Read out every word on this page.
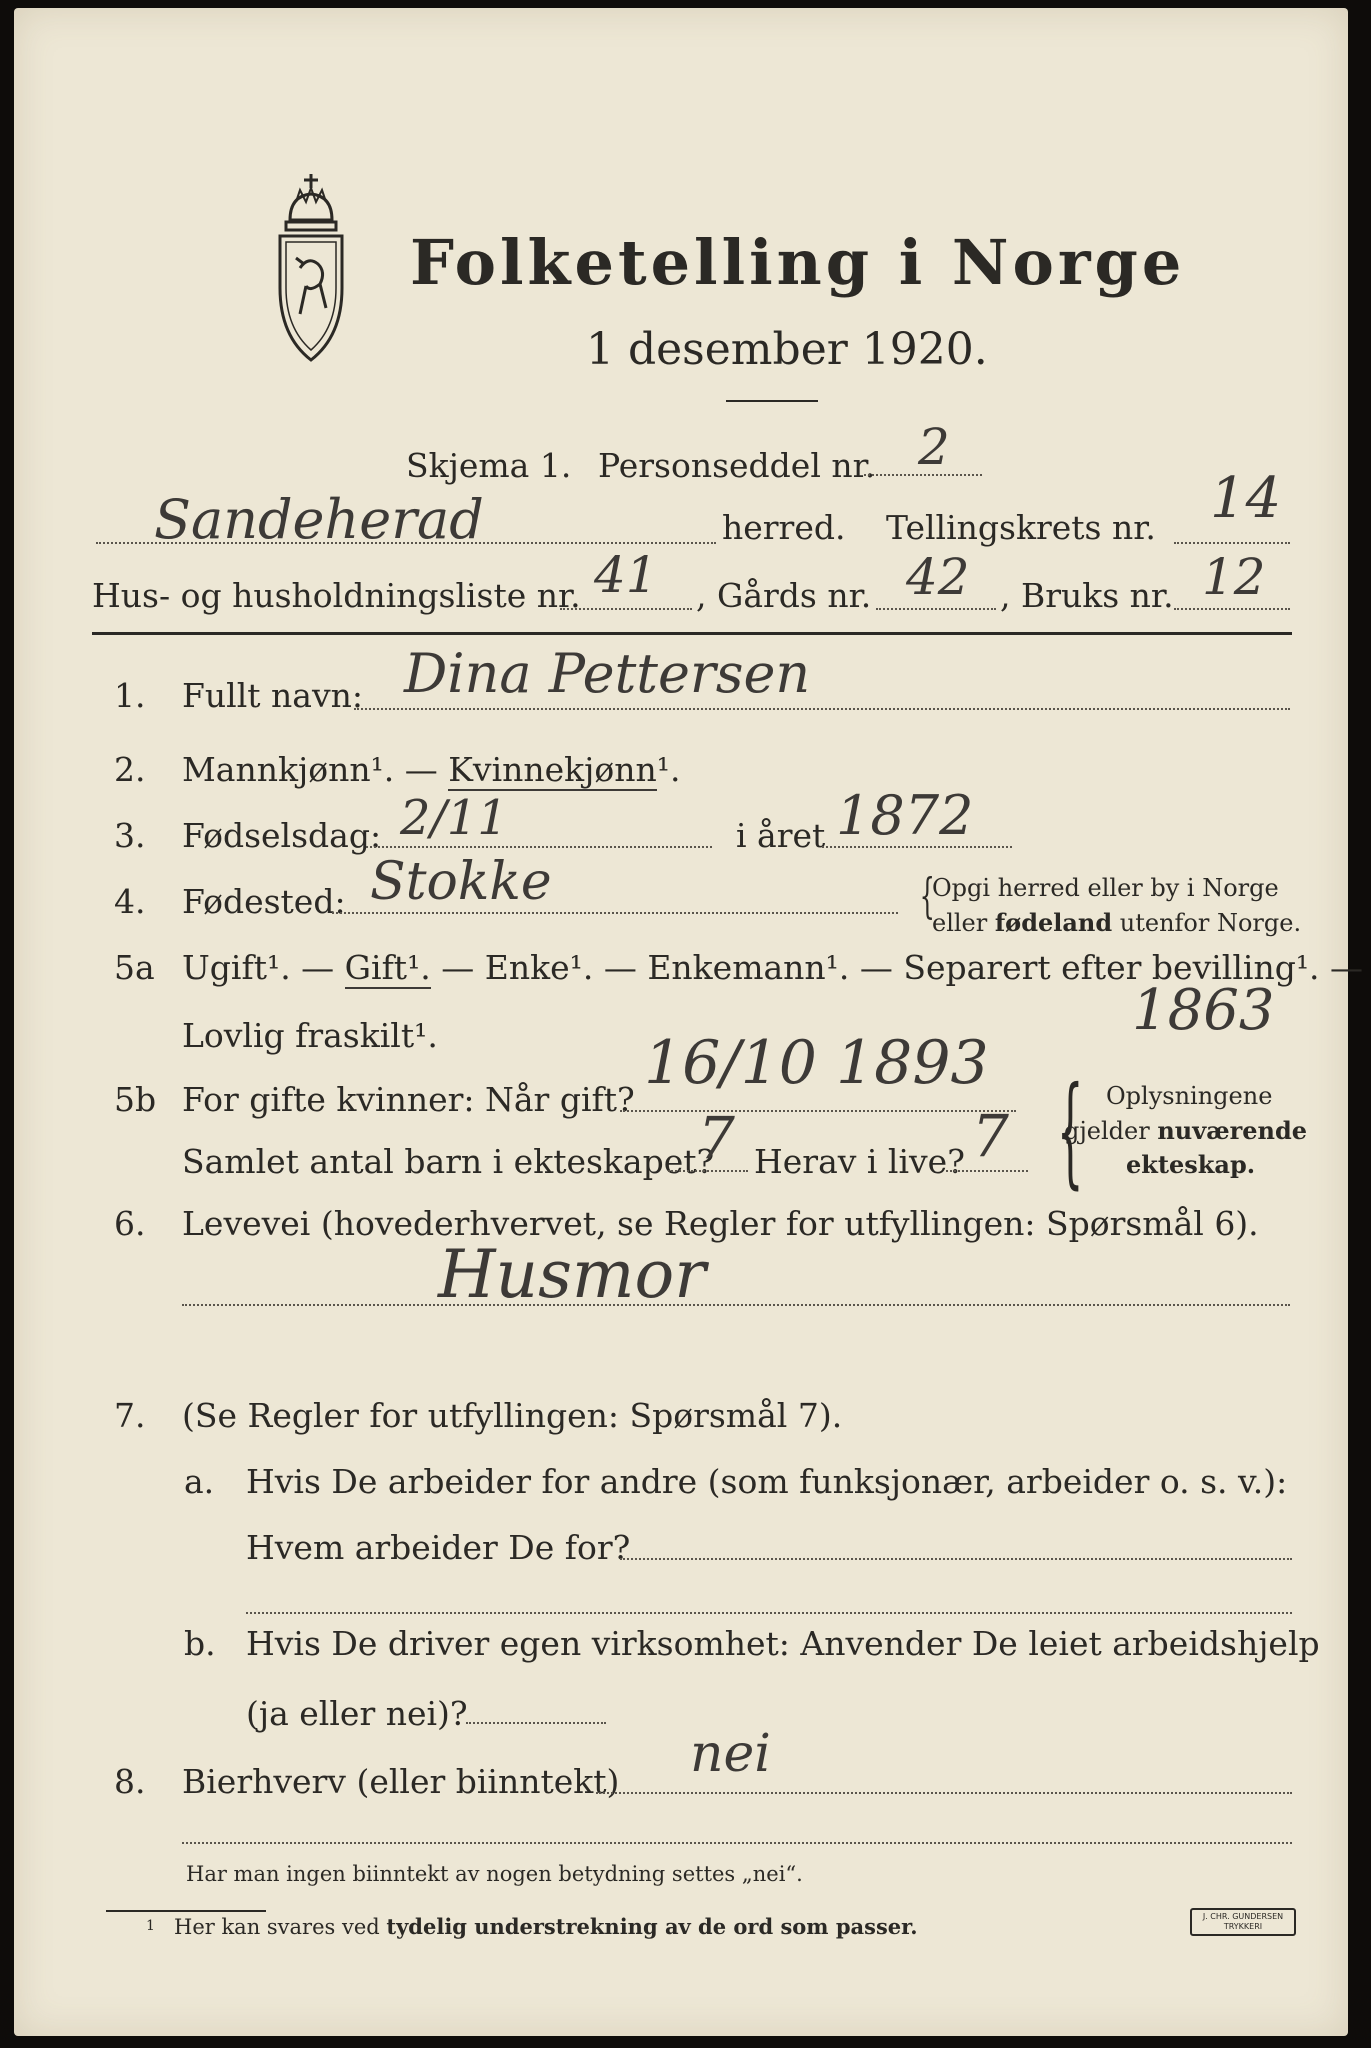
Folketelling i Norge
1 desember 1920.
Skjema 1. Personseddel nr. 2
Sandeherad	herred. Tellingskrets nr. 14
Hus- og husholdningsliste nr. 41 , Gårds nr. 42 , Bruks nr. 12
1. Fullt navn: Dina Pettersen
2. Mannkjønn¹. — Kvinnekjønn¹.
3. Fødselsdag: 2/11	i året 1872
4. Fødested: Stokke	{
Opgi herred eller by i Norge
eller fødeland utenfor Norge.
5a Ugift¹. — Gift¹. — Enke¹. — Enkemann¹. — Separert efter bevilling¹. —
Lovlig fraskilt¹.	1863
5b For gifte kvinner: Når gift?
16/10 1893
Samlet antal barn i ekteskapet?
7 Herav i live? 7 { Oplysningene
gjelder nuværende
ekteskap.
6. Levevei (hovederhvervet, se Regler for utfyllingen: Spørsmål 6).
Husmor
7. (Se Regler for utfyllingen: Spørsmål 7).
a. Hvis De arbeider for andre (som funksjonær, arbeider o. s. v.):
Hvem arbeider De for?
b. Hvis De driver egen virksomhet: Anvender De leiet arbeidshjelp
(ja eller nei)?
8. Bierhverv (eller biinntekt) nei
Har man ingen biinntekt av nogen betydning settes „nei“.
1 Her kan svares ved tydelig understrekning av de ord som passer.	J. CHR. GUNDERSEN TRYKKERI
